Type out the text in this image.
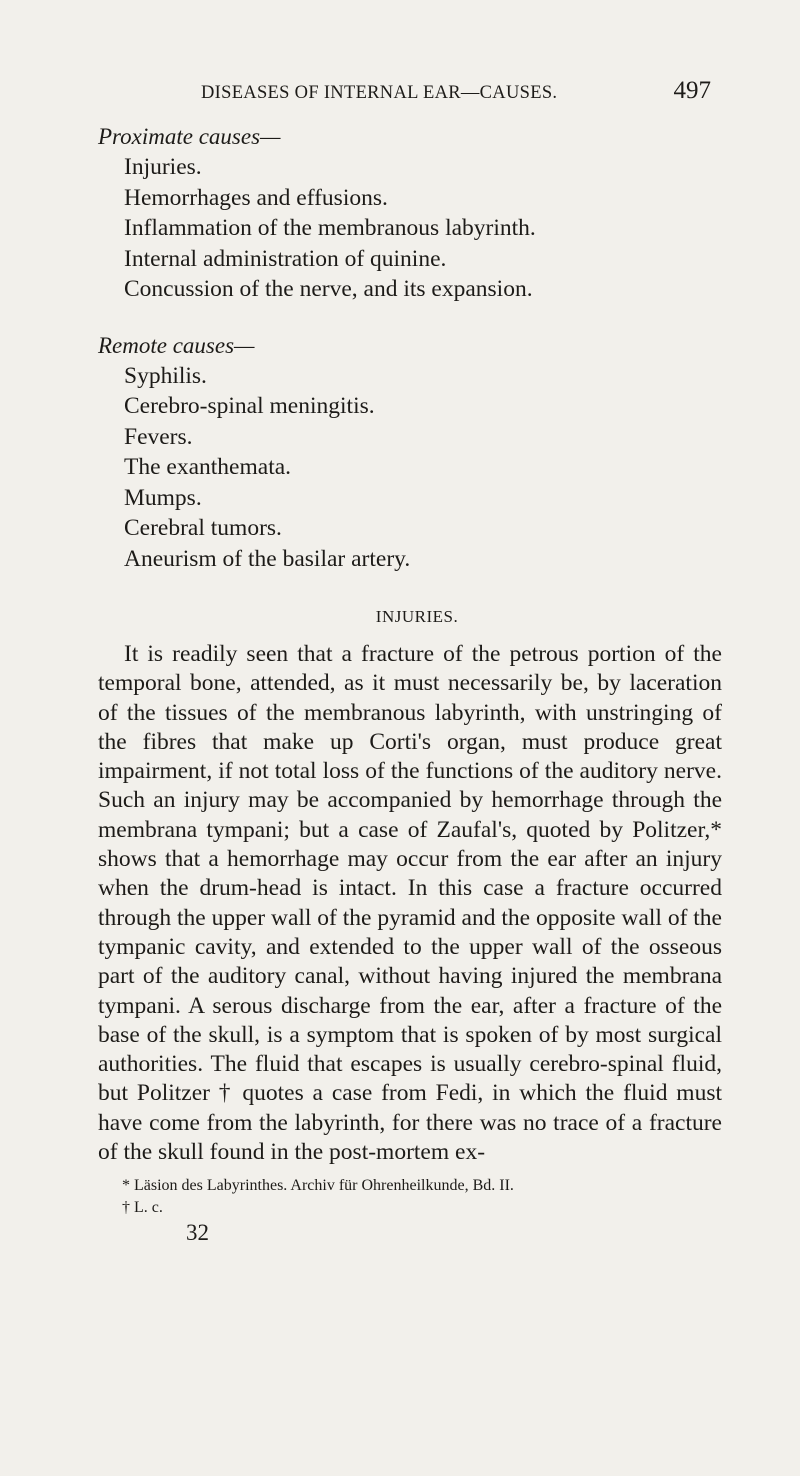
DISEASES OF INTERNAL EAR—CAUSES.	497

Proximate causes—

Injuries.
Hemorrhages and effusions.
Inflammation of the membranous labyrinth.
Internal administration of quinine.
Concussion of the nerve, and its expansion.

Remote causes—

Syphilis.
Cerebro-spinal meningitis.
Fevers.
The exanthemata.
Mumps.
Cerebral tumors.
Aneurism of the basilar artery.

INJURIES.

It is readily seen that a fracture of the petrous portion of the temporal bone, attended, as it must necessarily be, by laceration of the tissues of the membranous labyrinth, with unstringing of the fibres that make up Corti's organ, must produce great impairment, if not total loss of the functions of the auditory nerve. Such an injury may be accompanied by hemorrhage through the membrana tympani; but a case of Zaufal's, quoted by Politzer,* shows that a hemorrhage may occur from the ear after an injury when the drum-head is intact. In this case a fracture occurred through the upper wall of the pyramid and the opposite wall of the tympanic cavity, and extended to the upper wall of the osseous part of the auditory canal, without having injured the membrana tympani. A serous discharge from the ear, after a fracture of the base of the skull, is a symptom that is spoken of by most surgical authorities. The fluid that escapes is usually cerebro-spinal fluid, but Politzer † quotes a case from Fedi, in which the fluid must have come from the labyrinth, for there was no trace of a fracture of the skull found in the post-mortem ex-

* Läsion des Labyrinthes. Archiv für Ohrenheilkunde, Bd. II.
† L. c.
32
